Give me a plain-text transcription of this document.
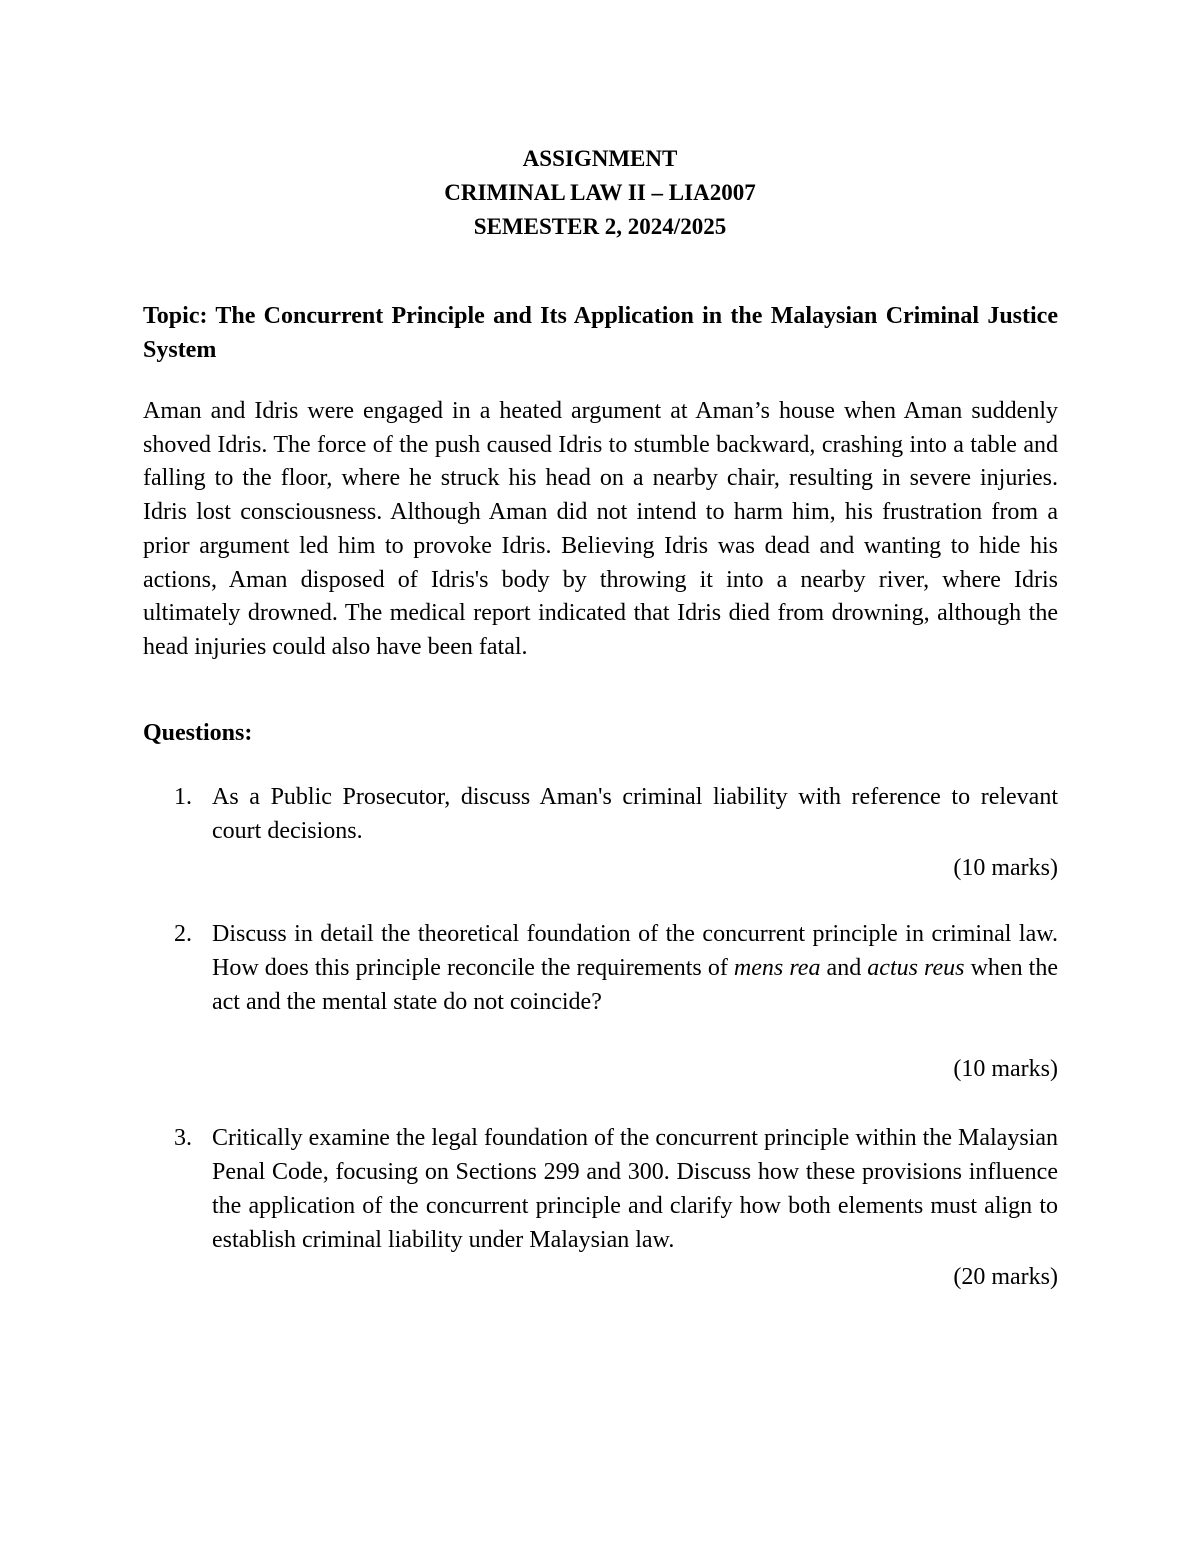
ASSIGNMENT
CRIMINAL LAW II – LIA2007
SEMESTER 2, 2024/2025
Topic: The Concurrent Principle and Its Application in the Malaysian Criminal Justice System
Aman and Idris were engaged in a heated argument at Aman’s house when Aman suddenly shoved Idris. The force of the push caused Idris to stumble backward, crashing into a table and falling to the floor, where he struck his head on a nearby chair, resulting in severe injuries. Idris lost consciousness. Although Aman did not intend to harm him, his frustration from a prior argument led him to provoke Idris. Believing Idris was dead and wanting to hide his actions, Aman disposed of Idris's body by throwing it into a nearby river, where Idris ultimately drowned. The medical report indicated that Idris died from drowning, although the head injuries could also have been fatal.
Questions:
1. As a Public Prosecutor, discuss Aman's criminal liability with reference to relevant court decisions.
(10 marks)
2. Discuss in detail the theoretical foundation of the concurrent principle in criminal law. How does this principle reconcile the requirements of mens rea and actus reus when the act and the mental state do not coincide?
(10 marks)
3. Critically examine the legal foundation of the concurrent principle within the Malaysian Penal Code, focusing on Sections 299 and 300. Discuss how these provisions influence the application of the concurrent principle and clarify how both elements must align to establish criminal liability under Malaysian law.
(20 marks)
